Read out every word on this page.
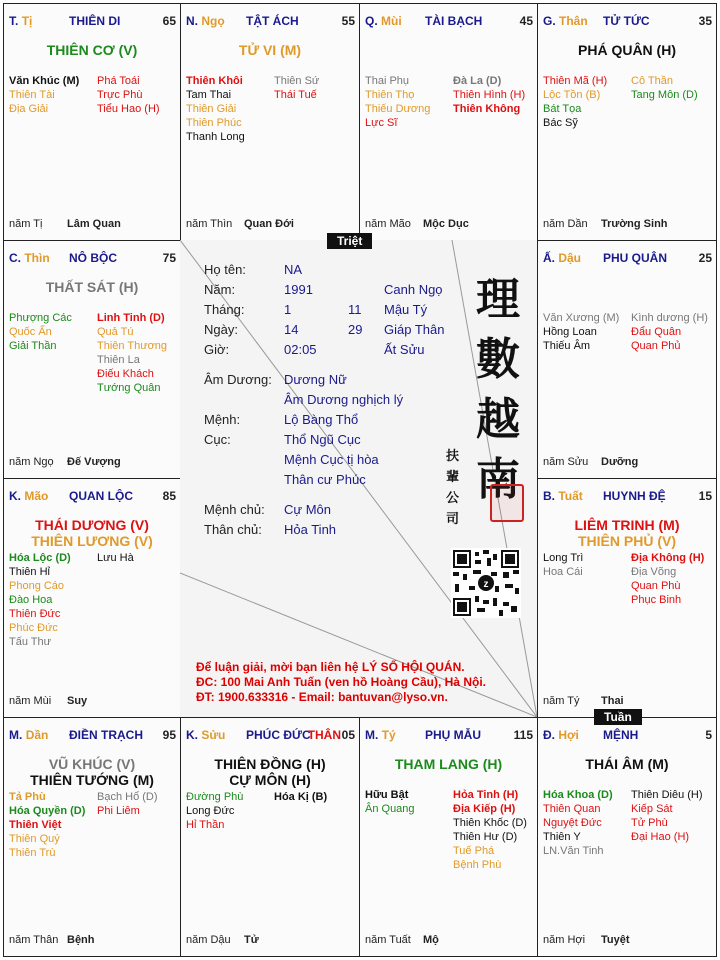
T. Tị	THIÊN DI	65
THIÊN CƠ (V)
Văn Khúc (M)
Thiên Tài
Địa Giải
Phá Toái
Trực Phù
Tiểu Hao (H)
năm Tị Lâm Quan
N. Ngọ TẬT ÁCH	55
TỬ VI (M)
Thiên Khôi
Tam Thai
Thiên Giải
Thiên Phúc
Thanh Long
Thiên Sứ
Thái Tuế
năm Thìn Quan Đới
Q. Mùi TÀI BẠCH	45
Thai Phụ
Thiên Thọ
Thiếu Dương
Lực Sĩ
Đà La (D)
Thiên Hình (H)
Thiên Không
năm Mão Mộc Dục
G. Thân TỬ TỨC	35
PHÁ QUÂN (H)
Thiên Mã (H)
Lộc Tồn (B)
Bát Tọa
Bác Sỹ
Cô Thần
Tang Môn (D)
năm Dần Trường Sinh
C. Thìn NÔ BỘC	75
THẤT SÁT (H)
Phượng Các
Quốc Ấn
Giải Thần
Linh Tinh (D)
Quả Tú
Thiên Thương
Thiên La
Điếu Khách
Tướng Quân
năm Ngọ Đế Vượng
Ấ. Dậu PHU QUÂN	25
Văn Xương (M)
Hồng Loan
Thiếu Âm
Kình dương (H)
Đẩu Quân
Quan Phủ
năm Sửu Dưỡng
K. Mão QUAN LỘC 85
THÁI DƯƠNG (V)
THIÊN LƯƠNG (V)
Hóa Lộc (D)
Thiên Hỉ
Phong Cáo
Đào Hoa
Thiên Đức
Phúc Đức
Tấu Thư
Lưu Hà
năm Mùi Suy
B. Tuất HUYNH ĐỆ	15
LIÊM TRINH (M)
THIÊN PHỦ (V)
Long Trì
Hoa Cái
Địa Không (H)
Địa Võng
Quan Phù
Phục Binh
năm Tý Thai
M. Dần ĐIỀN TRẠCH 95
VŨ KHÚC (V)
THIÊN TƯỚNG (M)
Tả Phù
Hóa Quyền (D)
Thiên Việt
Thiên Quý
Thiên Trù
Bạch Hổ (D)
Phi Liêm
năm Thân Bệnh
K. Sửu PHÚC ĐỨC
THÂN 05
THIÊN ĐỒNG (H)
CỰ MÔN (H)
Đường Phù
Long Đức
Hỉ Thần
Hóa Kị (B)
năm Dậu Tử
M. Tý PHỤ MẪU	115
THAM LANG (H)
Hữu Bật
Ân Quang
Hỏa Tinh (H)
Địa Kiếp (H)
Thiên Khốc (D)
Thiên Hư (D)
Tuế Phá
Bệnh Phù
năm Tuất Mộ
Đ. Hợi MỆNH	5
THÁI ÂM (M)
Hóa Khoa (D)
Thiên Quan
Nguyệt Đức
Thiên Y
LN.Văn Tinh
Thiên Diêu (H)
Kiếp Sát
Tử Phù
Đại Hao (H)
năm Hợi Tuyệt
Họ tên:	NA
Năm:	1991	Canh Ngọ
Tháng:	1	11 Mậu Tý
Ngày:	14	29 Giáp Thân
Giờ:	02:05	Ất Sửu
Âm Dương: Dương Nữ
Âm Dương nghịch lý
Mệnh:	Lộ Bàng Thổ
Cục:	Thổ Ngũ Cục
Mệnh Cục tị hòa
Thân cư Phúc
Mệnh chủ: Cự Môn
Thân chủ: Hỏa Tinh
理
數
越
南
扶 輩 公 司
z
Để luận giải, mời bạn liên hệ LÝ SỐ HỘI QUÁN.
ĐC: 100 Mai Anh Tuấn (ven hồ Hoàng Cầu), Hà Nội.
ĐT: 1900.633316 - Email: bantuvan@lyso.vn.
Triệt
Tuần
